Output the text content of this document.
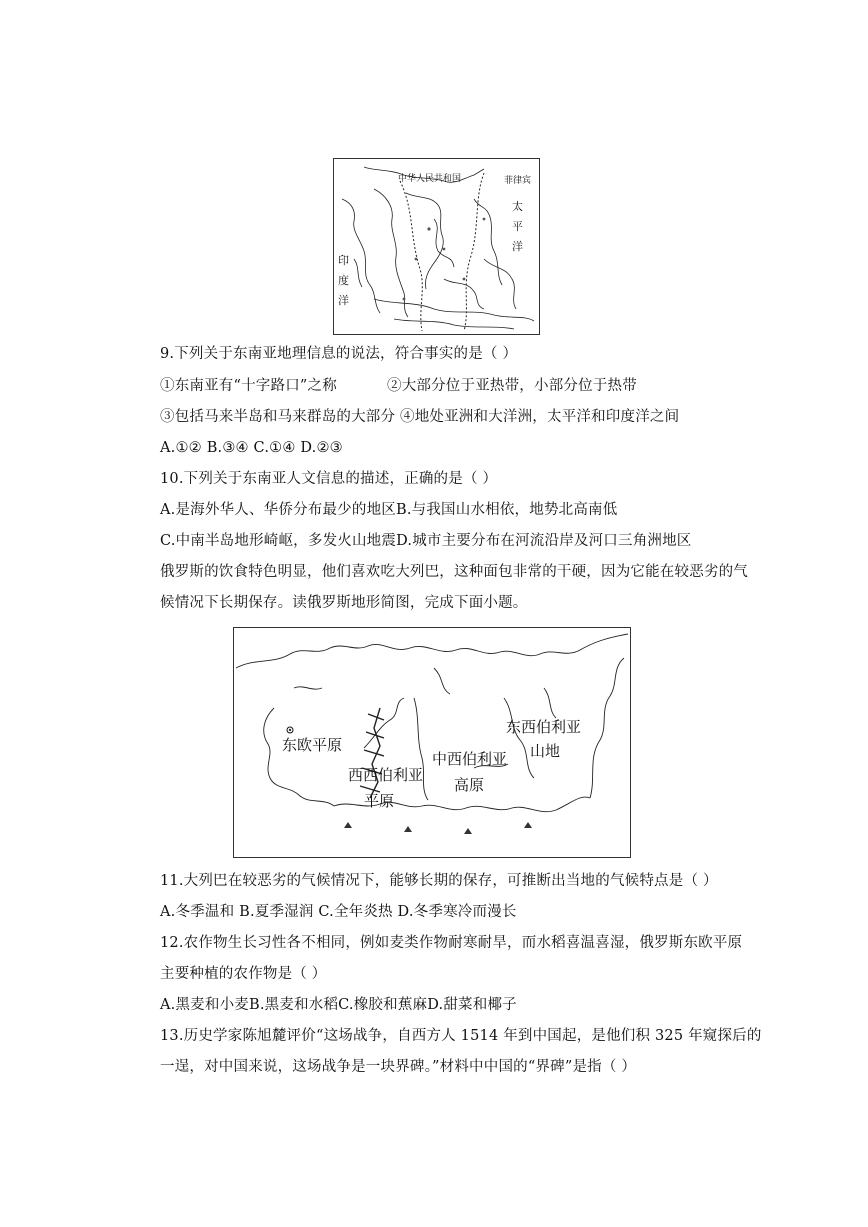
中华人民共和国	菲律宾
太
平
洋
印
度
洋
9.下列关于东南亚地理信息的说法，符合事实的是（ ）
①东南亚有“十字路口”之称	②大部分位于亚热带，小部分位于热带
③包括马来半岛和马来群岛的大部分 ④地处亚洲和大洋洲，太平洋和印度洋之间
A.①② B.③④ C.①④ D.②③
10.下列关于东南亚人文信息的描述，正确的是（ ）
A.是海外华人、华侨分布最少的地区B.与我国山水相依，地势北高南低
C.中南半岛地形崎岖，多发火山地震D.城市主要分布在河流沿岸及河口三角洲地区
俄罗斯的饮食特色明显，他们喜欢吃大列巴，这种面包非常的干硬，因为它能在较恶劣的气
候情况下长期保存。读俄罗斯地形简图，完成下面小题。
东欧平原
西西伯利亚
平原
中西伯利亚
高原
东西伯利亚
山地
11.大列巴在较恶劣的气候情况下，能够长期的保存，可推断出当地的气候特点是（ ）
A.冬季温和 B.夏季湿润 C.全年炎热 D.冬季寒冷而漫长
12.农作物生长习性各不相同，例如麦类作物耐寒耐旱，而水稻喜温喜湿，俄罗斯东欧平原
主要种植的农作物是（ ）
A.黑麦和小麦B.黑麦和水稻C.橡胶和蕉麻D.甜菜和椰子
13.历史学家陈旭麓评价“这场战争，自西方人 1514 年到中国起，是他们积 325 年窥探后的
一逞，对中国来说，这场战争是一块界碑。”材料中中国的“界碑”是指（ ）
